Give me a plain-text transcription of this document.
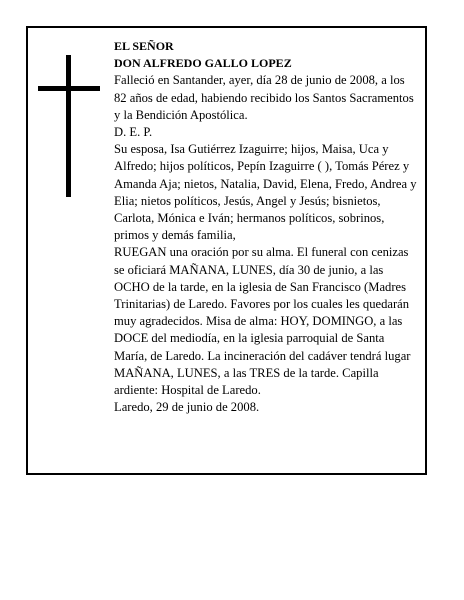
EL SEÑOR

DON ALFREDO GALLO LOPEZ

Falleció en Santander, ayer, día 28 de junio de 2008, a los 82 años de edad, habiendo recibido los Santos Sacramentos y la Bendición Apostólica.

D. E. P.

Su esposa, Isa Gutiérrez Izaguirre; hijos, Maisa, Uca y Alfredo; hijos políticos, Pepín Izaguirre ( ), Tomás Pérez y Amanda Aja; nietos, Natalia, David, Elena, Fredo, Andrea y Elia; nietos políticos, Jesús, Angel y Jesús; bisnietos, Carlota, Mónica e Iván; hermanos políticos, sobrinos, primos y demás familia,

RUEGAN una oración por su alma. El funeral con cenizas se oficiará MAÑANA, LUNES, día 30 de junio, a las OCHO de la tarde, en la iglesia de San Francisco (Madres Trinitarias) de Laredo. Favores por los cuales les quedarán muy agradecidos. Misa de alma: HOY, DOMINGO, a las DOCE del mediodía, en la iglesia parroquial de Santa María, de Laredo. La incineración del cadáver tendrá lugar MAÑANA, LUNES, a las TRES de la tarde. Capilla ardiente: Hospital de Laredo.

Laredo, 29 de junio de 2008.
